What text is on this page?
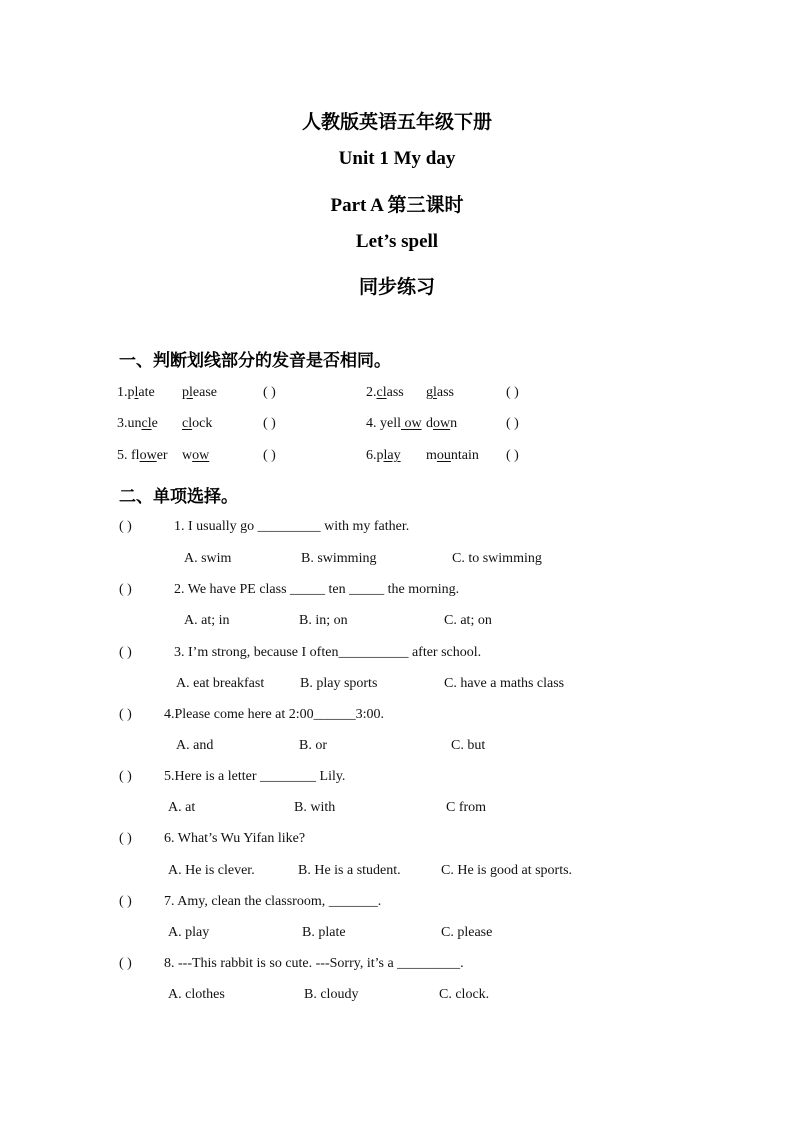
人教版英语五年级下册
Unit 1 My day
Part A 第三课时
Let’s spell
同步练习
一、判断划线部分的发音是否相同。
1.plate please	( )	2.class glass	( )
3.uncle clock	( )	4. yell ow down	( )
5. flower wow	( )	6.play mountain ( )
二、单项选择。
( )	1. I usually go _________ with my father.
A. swim	B. swimming	C. to swimming
( )	2. We have PE class _____ ten _____ the morning.
A. at; in	B. in; on	C. at; on
( )	3. I’m strong, because I often__________ after school.
A. eat breakfast	B. play sports	C. have a maths class
( ) 4.Please come here at 2:00______3:00.
A. and	B. or	C. but
( ) 5.Here is a letter ________ Lily.
A. at	B. with	C from
( ) 6. What’s Wu Yifan like?
A. He is clever.	B. He is a student.	C. He is good at sports.
( ) 7. Amy, clean the classroom, _______.
A. play	B. plate	C. please
( ) 8. ---This rabbit is so cute. ---Sorry, it’s a _________.
A. clothes	B. cloudy	C. clock.
